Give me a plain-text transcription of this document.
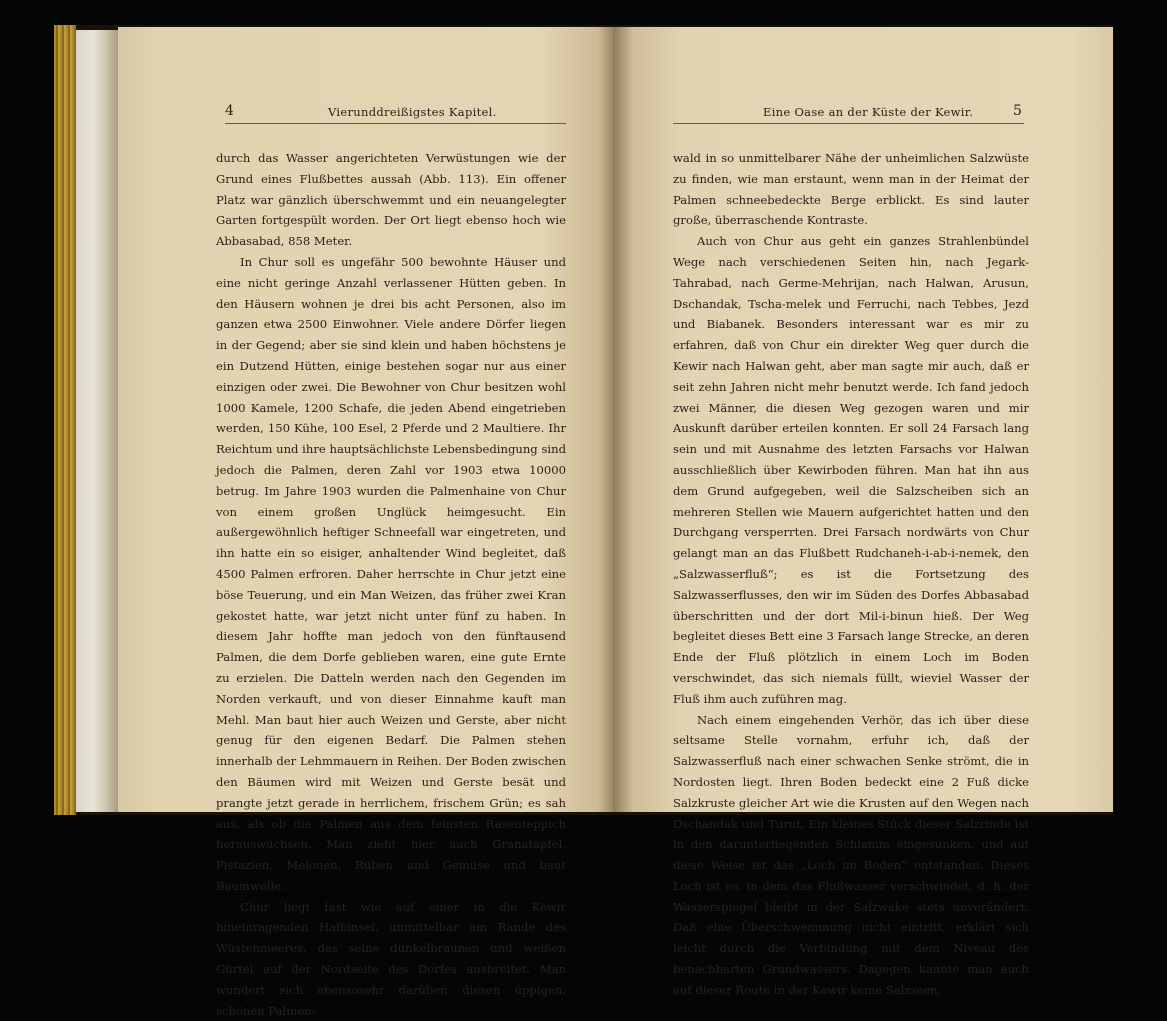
4	Vierunddreißigstes Kapitel.

durch das Wasser angerichteten Verwüstungen wie der Grund eines Flußbettes aussah (Abb. 113). Ein offener Platz war gänzlich überschwemmt und ein neuangelegter Garten fortgespült worden. Der Ort liegt ebenso hoch wie Abbasabad, 858 Meter.

In Chur soll es ungefähr 500 bewohnte Häuser und eine nicht geringe Anzahl verlassener Hütten geben. In den Häusern wohnen je drei bis acht Personen, also im ganzen etwa 2500 Einwohner. Viele andere Dörfer liegen in der Gegend; aber sie sind klein und haben höchstens je ein Dutzend Hütten, einige bestehen sogar nur aus einer einzigen oder zwei. Die Bewohner von Chur besitzen wohl 1000 Kamele, 1200 Schafe, die jeden Abend eingetrieben werden, 150 Kühe, 100 Esel, 2 Pferde und 2 Maultiere. Ihr Reichtum und ihre hauptsächlichste Lebensbedingung sind jedoch die Palmen, deren Zahl vor 1903 etwa 10000 betrug. Im Jahre 1903 wurden die Palmenhaine von Chur von einem großen Unglück heimgesucht. Ein außergewöhnlich heftiger Schneefall war eingetreten, und ihn hatte ein so eisiger, anhaltender Wind begleitet, daß 4500 Palmen erfroren. Daher herrschte in Chur jetzt eine böse Teuerung, und ein Man Weizen, das früher zwei Kran gekostet hatte, war jetzt nicht unter fünf zu haben. In diesem Jahr hoffte man jedoch von den fünftausend Palmen, die dem Dorfe geblieben waren, eine gute Ernte zu erzielen. Die Datteln werden nach den Gegenden im Norden verkauft, und von dieser Einnahme kauft man Mehl. Man baut hier auch Weizen und Gerste, aber nicht genug für den eigenen Bedarf. Die Palmen stehen innerhalb der Lehmmauern in Reihen. Der Boden zwischen den Bäumen wird mit Weizen und Gerste besät und prangte jetzt gerade in herrlichem, frischem Grün; es sah aus, als ob die Palmen aus dem feinsten Rasenteppich herauswüchsen. Man zieht hier auch Granatäpfel, Pistazien, Melonen, Rüben und Gemüse und baut Baumwolle.

Chur liegt fast wie auf einer in die Kewir hineinragenden Halbinsel, unmittelbar am Rande des Wüstenmeeres, das seine dunkelbraunen und weißen Gürtel auf der Nordseite des Dorfes ausbreitet. Man wundert sich ebensosehr darüber, diesen üppigen, schönen Palmen-

Eine Oase an der Küste der Kewir.	5

wald in so unmittelbarer Nähe der unheimlichen Salzwüste zu finden, wie man erstaunt, wenn man in der Heimat der Palmen schneebedeckte Berge erblickt. Es sind lauter große, überraschende Kontraste.

Auch von Chur aus geht ein ganzes Strahlenbündel Wege nach verschiedenen Seiten hin, nach Jegark-Tahrabad, nach Germe-Mehrijan, nach Halwan, Arusun, Dschandak, Tscha-melek und Ferruchi, nach Tebbes, Jezd und Biabanek. Besonders interessant war es mir zu erfahren, daß von Chur ein direkter Weg quer durch die Kewir nach Halwan geht, aber man sagte mir auch, daß er seit zehn Jahren nicht mehr benutzt werde. Ich fand jedoch zwei Männer, die diesen Weg gezogen waren und mir Auskunft darüber erteilen konnten. Er soll 24 Farsach lang sein und mit Ausnahme des letzten Farsachs vor Halwan ausschließlich über Kewirboden führen. Man hat ihn aus dem Grund aufgegeben, weil die Salzscheiben sich an mehreren Stellen wie Mauern aufgerichtet hatten und den Durchgang versperrten. Drei Farsach nordwärts von Chur gelangt man an das Flußbett Rudchaneh-i-ab-i-nemek, den „Salzwasserfluß“; es ist die Fortsetzung des Salzwasserflusses, den wir im Süden des Dorfes Abbasabad überschritten und der dort Mil-i-binun hieß. Der Weg begleitet dieses Bett eine 3 Farsach lange Strecke, an deren Ende der Fluß plötzlich in einem Loch im Boden verschwindet, das sich niemals füllt, wieviel Wasser der Fluß ihm auch zuführen mag.

Nach einem eingehenden Verhör, das ich über diese seltsame Stelle vornahm, erfuhr ich, daß der Salzwasserfluß nach einer schwachen Senke strömt, die in Nordosten liegt. Ihren Boden bedeckt eine 2 Fuß dicke Salzkruste gleicher Art wie die Krusten auf den Wegen nach Dschandak und Turut. Ein kleines Stück dieser Salzrinde ist in den darunterliegenden Schlamm eingesunken, und auf diese Weise ist das „Loch im Boden“ entstanden. Dieses Loch ist es, in dem das Flußwasser verschwindet, d. h. der Wasserspiegel bleibt in der Salzwake stets unverändert. Daß eine Überschwemmung nicht eintritt, erklärt sich leicht durch die Verbindung mit dem Niveau des benachbarten Grundwassers. Dagegen kannte man auch auf dieser Route in der Kewir keine Salzseen.
